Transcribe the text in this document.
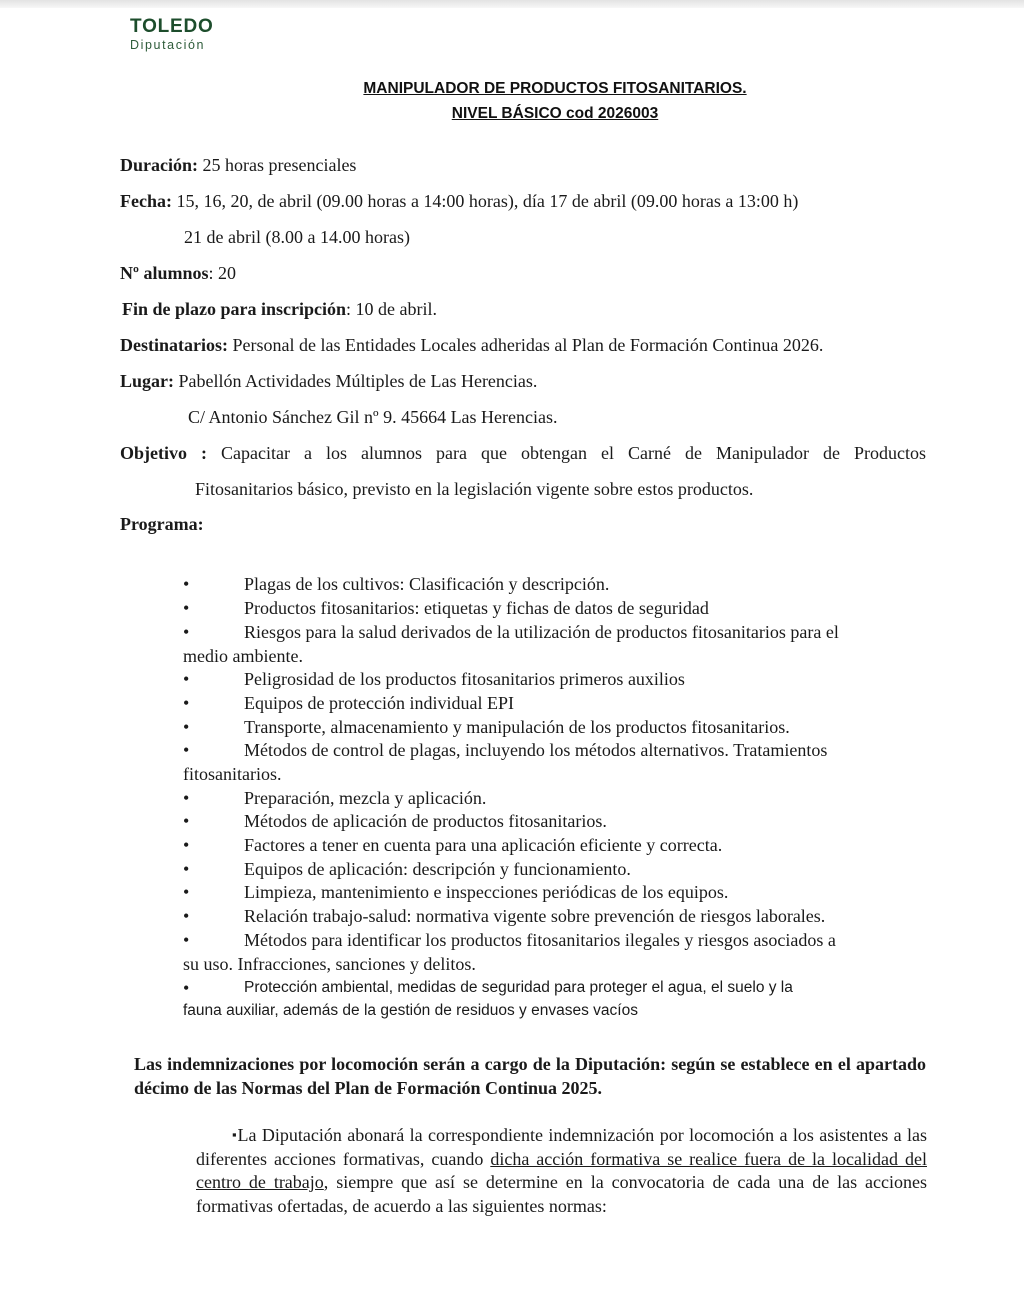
TOLEDO
Diputación
MANIPULADOR DE PRODUCTOS FITOSANITARIOS.
NIVEL BÁSICO cod 2026003
Duración: 25 horas presenciales
Fecha: 15, 16, 20, de abril (09.00 horas a 14:00 horas), día 17 de abril (09.00 horas a 13:00 h)
21 de abril (8.00 a 14.00 horas)
Nº alumnos: 20
Fin de plazo para inscripción: 10 de abril.
Destinatarios: Personal de las Entidades Locales adheridas al Plan de Formación Continua 2026.
Lugar: Pabellón Actividades Múltiples de Las Herencias.
C/ Antonio Sánchez Gil nº 9. 45664 Las Herencias.
Objetivo : Capacitar a los alumnos para que obtengan el Carné de Manipulador de Productos
Fitosanitarios básico, previsto en la legislación vigente sobre estos productos.
Programa:
•	Plagas de los cultivos: Clasificación y descripción.
•	Productos fitosanitarios: etiquetas y fichas de datos de seguridad
•	Riesgos para la salud derivados de la utilización de productos fitosanitarios para el
medio ambiente.
•	Peligrosidad de los productos fitosanitarios primeros auxilios
•	Equipos de protección individual EPI
•	Transporte, almacenamiento y manipulación de los productos fitosanitarios.
•	Métodos de control de plagas, incluyendo los métodos alternativos. Tratamientos
fitosanitarios.
•	Preparación, mezcla y aplicación.
•	Métodos de aplicación de productos fitosanitarios.
•	Factores a tener en cuenta para una aplicación eficiente y correcta.
•	Equipos de aplicación: descripción y funcionamiento.
•	Limpieza, mantenimiento e inspecciones periódicas de los equipos.
•	Relación trabajo-salud: normativa vigente sobre prevención de riesgos laborales.
•	Métodos para identificar los productos fitosanitarios ilegales y riesgos asociados a
su uso. Infracciones, sanciones y delitos.
•	Protección ambiental, medidas de seguridad para proteger el agua, el suelo y la
fauna auxiliar, además de la gestión de residuos y envases vacíos
Las indemnizaciones por locomoción serán a cargo de la Diputación: según se establece en el apartado décimo de las Normas del Plan de Formación Continua 2025.
▪La Diputación abonará la correspondiente indemnización por locomoción a los asistentes a las diferentes acciones formativas, cuando dicha acción formativa se realice fuera de la localidad del centro de trabajo, siempre que así se determine en la convocatoria de cada una de las acciones formativas ofertadas, de acuerdo a las siguientes normas:
